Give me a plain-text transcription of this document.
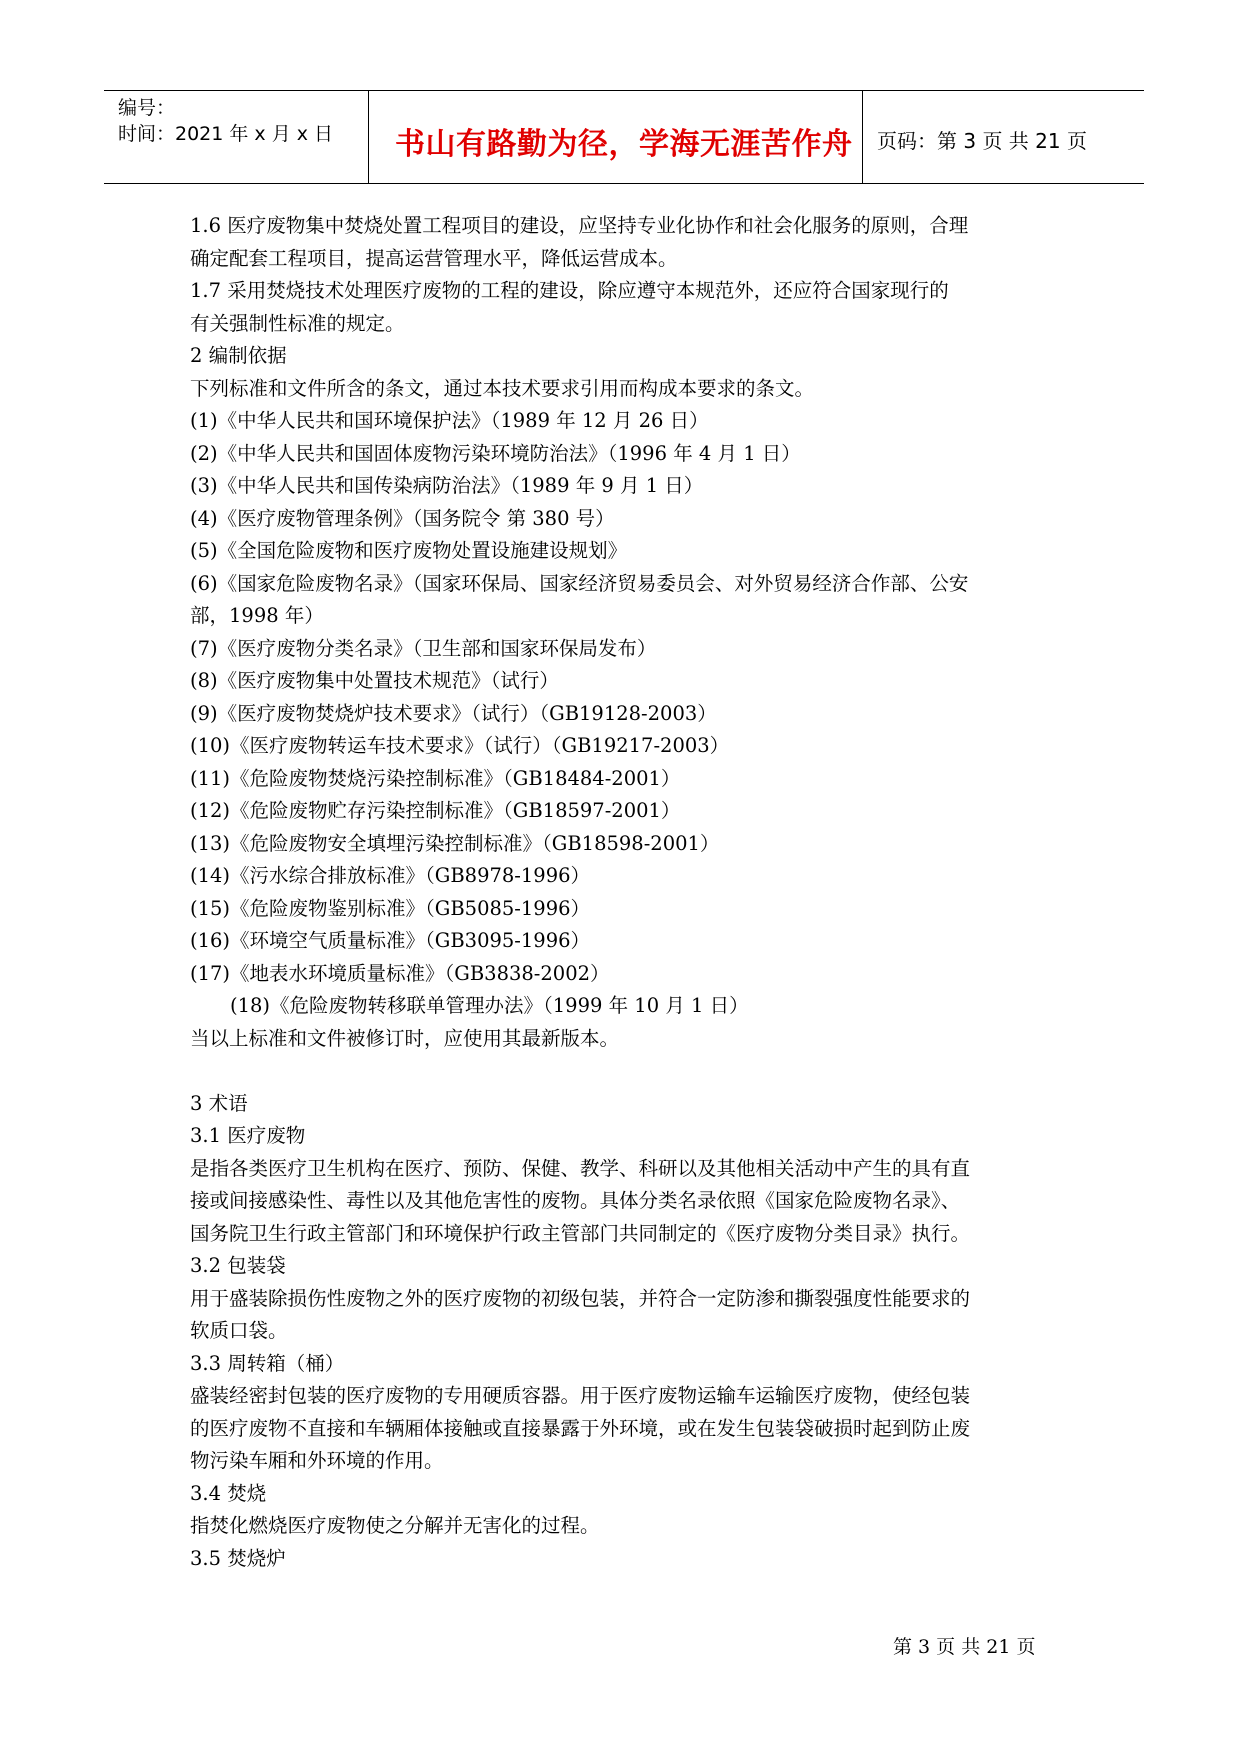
编号：
时间：2021 年 x 月 x 日 书山有路勤为径，学海无涯苦作舟 页码：第 3 页 共 21 页

1.6 医疗废物集中焚烧处置工程项目的建设，应坚持专业化协作和社会化服务的原则，合理

确定配套工程项目，提高运营管理水平，降低运营成本。

1.7 采用焚烧技术处理医疗废物的工程的建设，除应遵守本规范外，还应符合国家现行的

有关强制性标准的规定。

2 编制依据

下列标准和文件所含的条文，通过本技术要求引用而构成本要求的条文。

(1)《中华人民共和国环境保护法》（1989 年 12 月 26 日）

(2)《中华人民共和国固体废物污染环境防治法》（1996 年 4 月 1 日）

(3)《中华人民共和国传染病防治法》（1989 年 9 月 1 日）

(4)《医疗废物管理条例》（国务院令 第 380 号）

(5)《全国危险废物和医疗废物处置设施建设规划》

(6)《国家危险废物名录》（国家环保局、国家经济贸易委员会、对外贸易经济合作部、公安

部，1998 年）

(7)《医疗废物分类名录》（卫生部和国家环保局发布）

(8)《医疗废物集中处置技术规范》（试行）

(9)《医疗废物焚烧炉技术要求》（试行）（GB19128-2003）

(10)《医疗废物转运车技术要求》（试行）（GB19217-2003）

(11)《危险废物焚烧污染控制标准》（GB18484-2001）

(12)《危险废物贮存污染控制标准》（GB18597-2001）

(13)《危险废物安全填埋污染控制标准》（GB18598-2001）

(14)《污水综合排放标准》（GB8978-1996）

(15)《危险废物鉴别标准》（GB5085-1996）

(16)《环境空气质量标准》（GB3095-1996）

(17)《地表水环境质量标准》（GB3838-2002）

(18)《危险废物转移联单管理办法》（1999 年 10 月 1 日）

当以上标准和文件被修订时，应使用其最新版本。

3 术语

3.1 医疗废物

是指各类医疗卫生机构在医疗、预防、保健、教学、科研以及其他相关活动中产生的具有直

接或间接感染性、毒性以及其他危害性的废物。具体分类名录依照《国家危险废物名录》、

国务院卫生行政主管部门和环境保护行政主管部门共同制定的《医疗废物分类目录》执行。

3.2 包装袋

用于盛装除损伤性废物之外的医疗废物的初级包装，并符合一定防渗和撕裂强度性能要求的

软质口袋。

3.3 周转箱（桶）

盛装经密封包装的医疗废物的专用硬质容器。用于医疗废物运输车运输医疗废物，使经包装

的医疗废物不直接和车辆厢体接触或直接暴露于外环境，或在发生包装袋破损时起到防止废

物污染车厢和外环境的作用。

3.4 焚烧

指焚化燃烧医疗废物使之分解并无害化的过程。

3.5 焚烧炉

第 3 页 共 21 页
